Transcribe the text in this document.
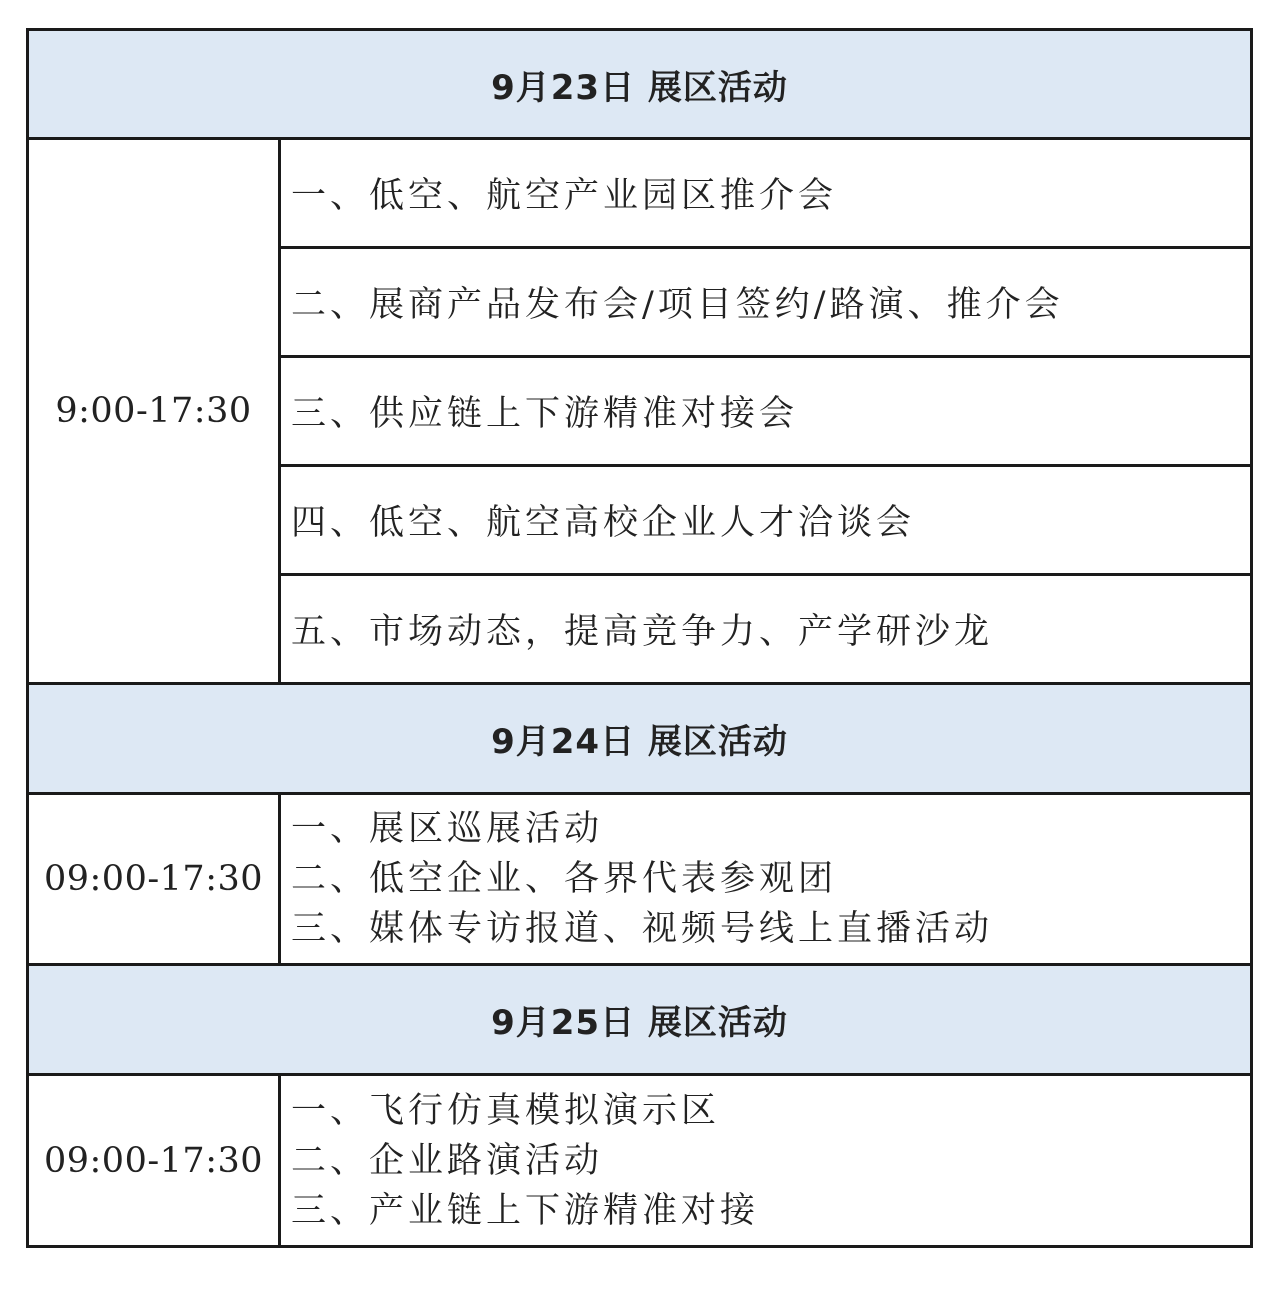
9月23日 展区活动	
9:00-17:30	一、低空、航空产业园区推介会
	二、展商产品发布会/项目签约/路演、推介会
	三、供应链上下游精准对接会
	四、低空、航空高校企业人才洽谈会
	五、市场动态，提高竞争力、产学研沙龙
9月24日 展区活动	
09:00-17:30	一、展区巡展活动
二、低空企业、各界代表参观团
三、媒体专访报道、视频号线上直播活动

9月25日 展区活动	
09:00-17:30	一、飞行仿真模拟演示区
二、企业路演活动
三、产业链上下游精准对接
